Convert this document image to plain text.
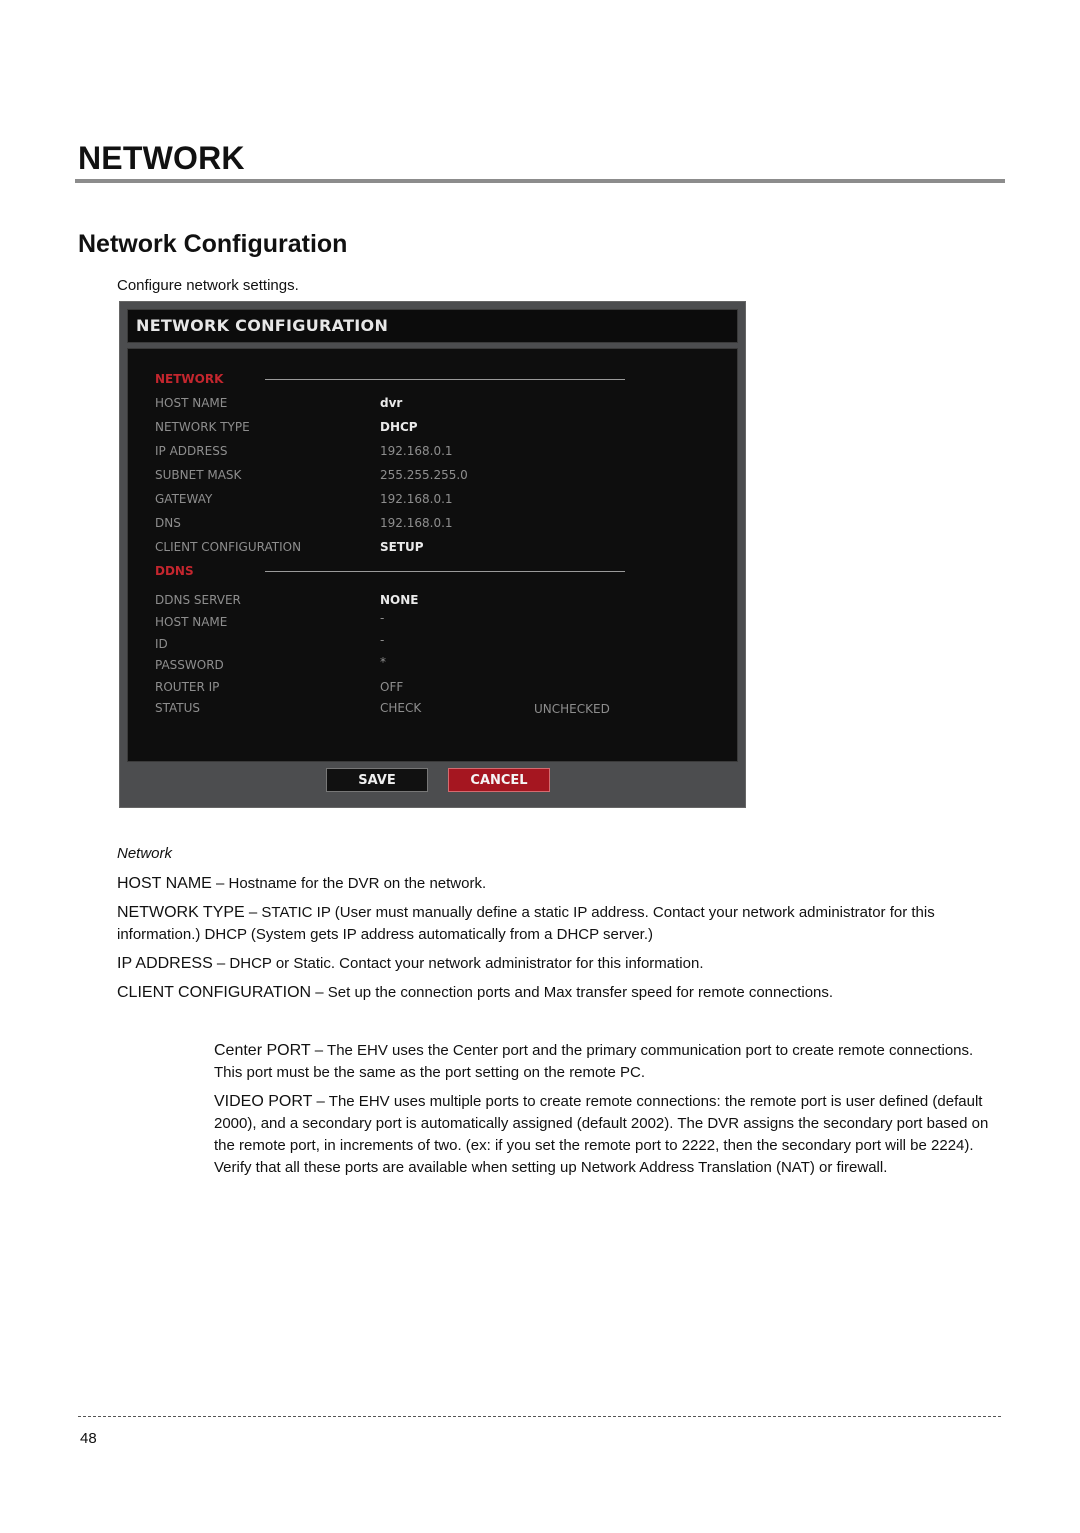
NETWORK
Network Configuration
Configure network settings.
NETWORK CONFIGURATION
NETWORK
HOST NAME	dvr
NETWORK TYPE	DHCP
IP ADDRESS	192.168.0.1
SUBNET MASK	255.255.255.0
GATEWAY	192.168.0.1
DNS	192.168.0.1
CLIENT CONFIGURATION	SETUP
DDNS
DDNS SERVER	NONE
HOST NAME	-
ID	-
PASSWORD	*
ROUTER IP	OFF
STATUS	CHECK	UNCHECKED
SAVE	CANCEL
Network
HOST NAME – Hostname for the DVR on the network.
NETWORK TYPE – STATIC IP (User must manually define a static IP address. Contact your network administrator for this information.) DHCP (System gets IP address automatically from a DHCP server.)
IP ADDRESS – DHCP or Static. Contact your network administrator for this information.
CLIENT CONFIGURATION – Set up the connection ports and Max transfer speed for remote connections.
Center PORT – The EHV uses the Center port and the primary communication port to create remote connections. This port must be the same as the port setting on the remote PC.
VIDEO PORT – The EHV uses multiple ports to create remote connections: the remote port is user defined (default 2000), and a secondary port is automatically assigned (default 2002). The DVR assigns the secondary port based on the remote port, in increments of two. (ex: if you set the remote port to 2222, then the secondary port will be 2224). Verify that all these ports are available when setting up Network Address Translation (NAT) or firewall.
48
